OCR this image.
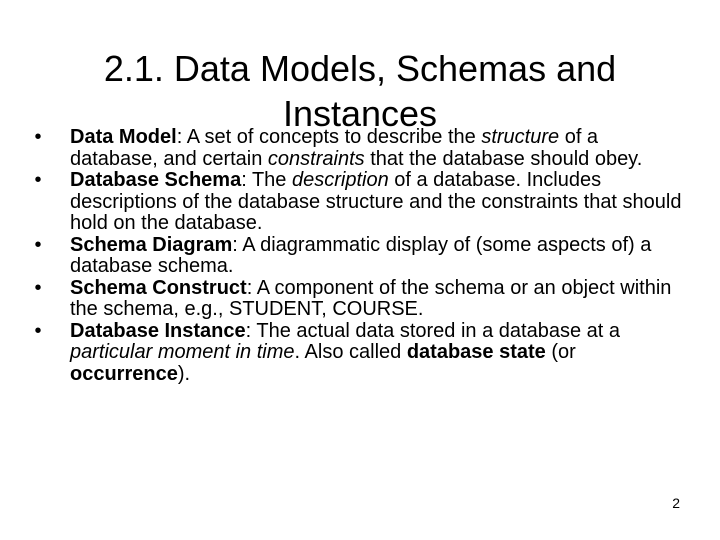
2.1. Data Models, Schemas and
Instances
•	Data Model: A set of concepts to describe the structure of a database, and certain constraints that the database should obey.
•	Database Schema: The description of a database. Includes descriptions of the database structure and the constraints that should hold on the database.
•	Schema Diagram: A diagrammatic display of (some aspects of) a database schema.
•	Schema Construct: A component of the schema or an object within the schema, e.g., STUDENT, COURSE.
•	Database Instance: The actual data stored in a database at a particular moment in time. Also called database state (or occurrence).
2
